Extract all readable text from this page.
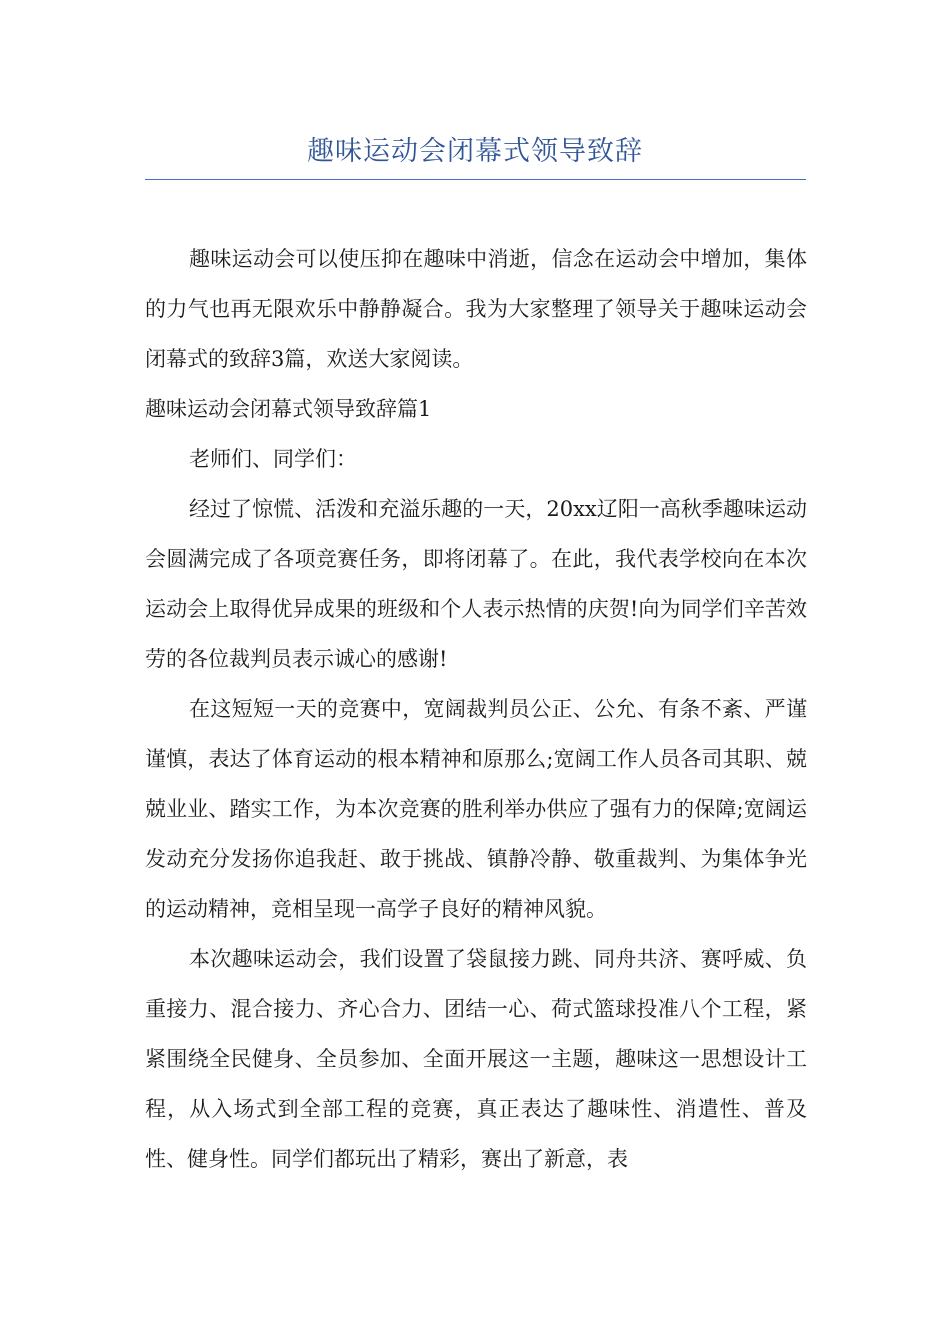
趣味运动会闭幕式领导致辞

趣味运动会可以使压抑在趣味中消逝，信念在运动会中增加，集体的力气也再无限欢乐中静静凝合。我为大家整理了领导关于趣味运动会闭幕式的致辞3篇，欢送大家阅读。

趣味运动会闭幕式领导致辞篇1

老师们、同学们：

经过了惊慌、活泼和充溢乐趣的一天，20xx辽阳一高秋季趣味运动会圆满完成了各项竞赛任务，即将闭幕了。在此，我代表学校向在本次运动会上取得优异成果的班级和个人表示热情的庆贺!向为同学们辛苦效劳的各位裁判员表示诚心的感谢!

在这短短一天的竞赛中，宽阔裁判员公正、公允、有条不紊、严谨谨慎，表达了体育运动的根本精神和原那么;宽阔工作人员各司其职、兢兢业业、踏实工作，为本次竞赛的胜利举办供应了强有力的保障;宽阔运发动充分发扬你追我赶、敢于挑战、镇静冷静、敬重裁判、为集体争光的运动精神，竞相呈现一高学子良好的精神风貌。

本次趣味运动会，我们设置了袋鼠接力跳、同舟共济、赛呼威、负重接力、混合接力、齐心合力、团结一心、荷式篮球投准八个工程，紧紧围绕全民健身、全员参加、全面开展这一主题，趣味这一思想设计工程，从入场式到全部工程的竞赛，真正表达了趣味性、消遣性、普及性、健身性。同学们都玩出了精彩，赛出了新意，表
